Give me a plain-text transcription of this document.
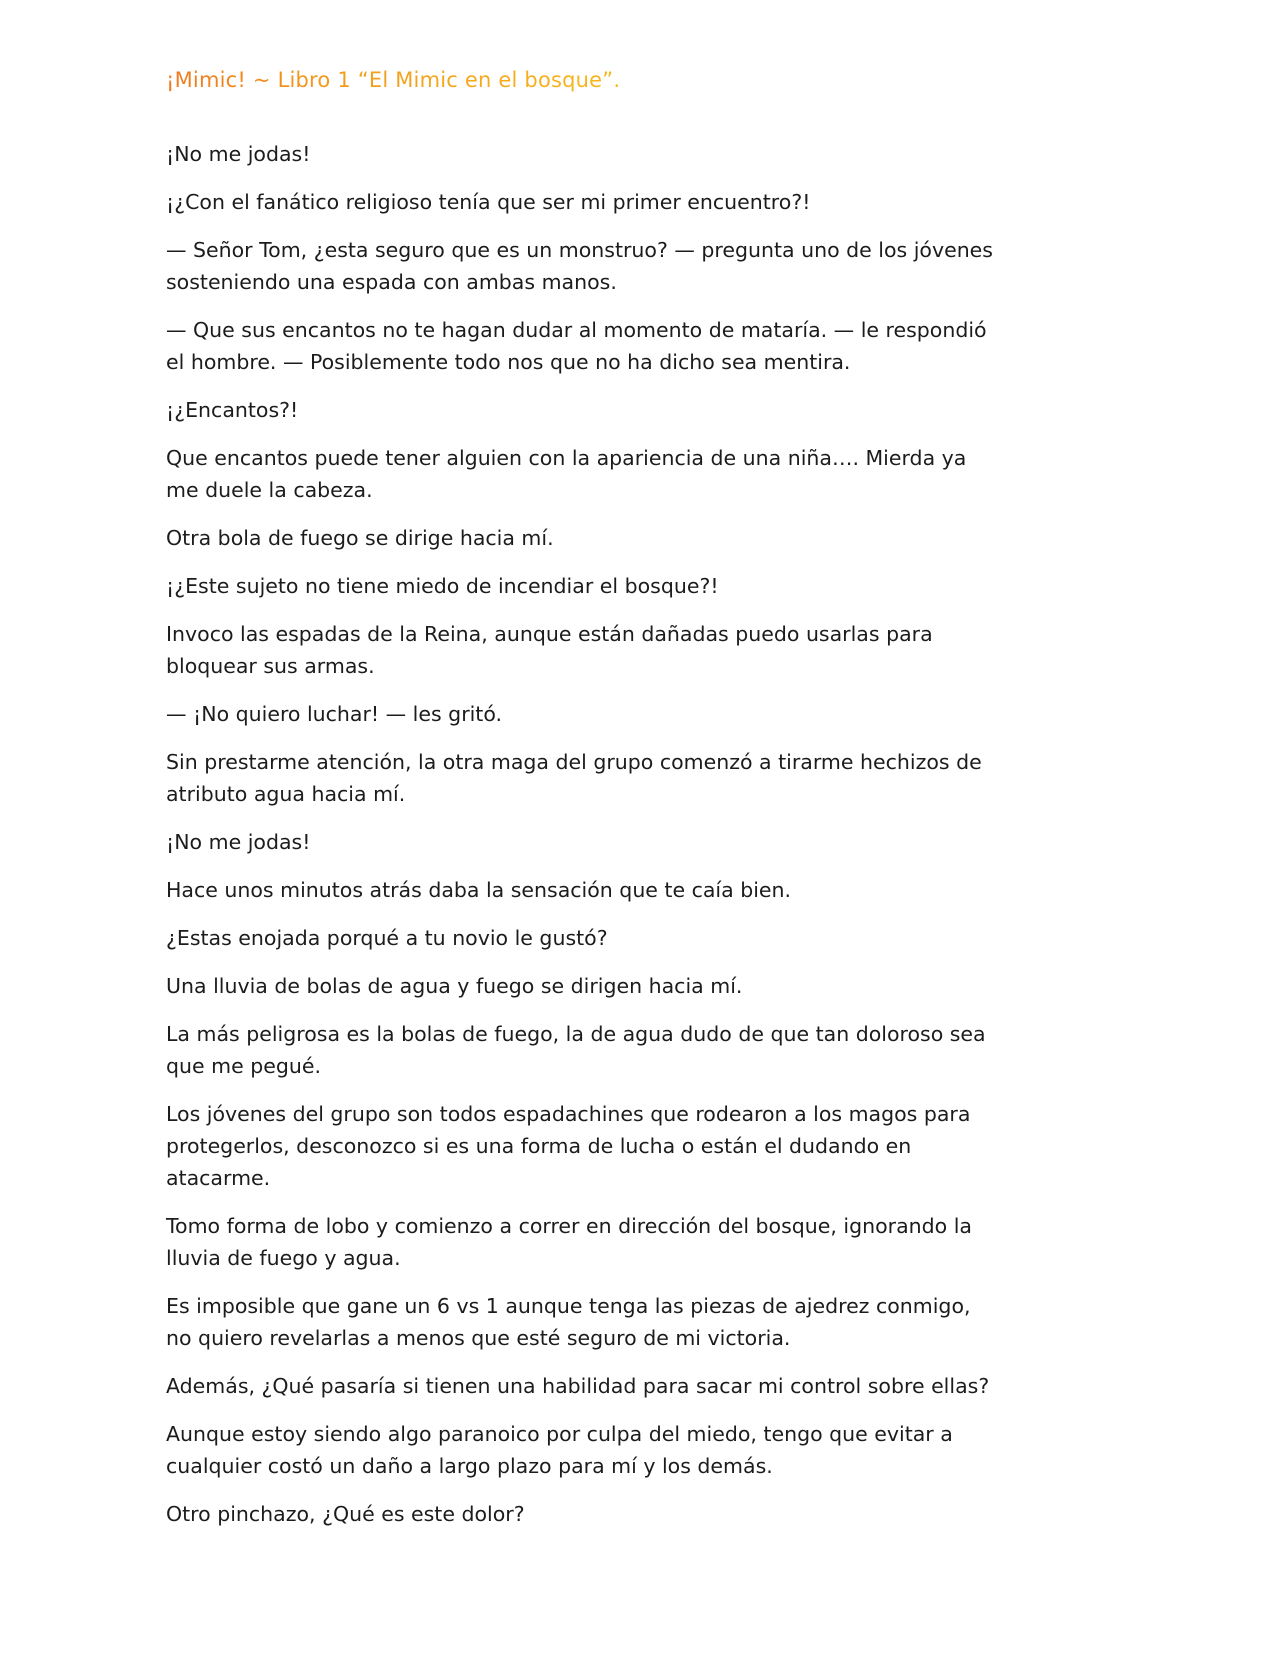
¡Mimic! ~ Libro 1 “El Mimic en el bosque”.

¡No me jodas!

¡¿Con el fanático religioso tenía que ser mi primer encuentro?!

— Señor Tom, ¿esta seguro que es un monstruo? — pregunta uno de los jóvenes sosteniendo una espada con ambas manos.

— Que sus encantos no te hagan dudar al momento de mataría. — le respondió el hombre. — Posiblemente todo nos que no ha dicho sea mentira.

¡¿Encantos?!

Que encantos puede tener alguien con la apariencia de una niña…. Mierda ya me duele la cabeza.

Otra bola de fuego se dirige hacia mí.

¡¿Este sujeto no tiene miedo de incendiar el bosque?!

Invoco las espadas de la Reina, aunque están dañadas puedo usarlas para bloquear sus armas.

— ¡No quiero luchar! — les gritó.

Sin prestarme atención, la otra maga del grupo comenzó a tirarme hechizos de atributo agua hacia mí.

¡No me jodas!

Hace unos minutos atrás daba la sensación que te caía bien.

¿Estas enojada porqué a tu novio le gustó?

Una lluvia de bolas de agua y fuego se dirigen hacia mí.

La más peligrosa es la bolas de fuego, la de agua dudo de que tan doloroso sea que me pegué.

Los jóvenes del grupo son todos espadachines que rodearon a los magos para protegerlos, desconozco si es una forma de lucha o están el dudando en atacarme.

Tomo forma de lobo y comienzo a correr en dirección del bosque, ignorando la lluvia de fuego y agua.

Es imposible que gane un 6 vs 1 aunque tenga las piezas de ajedrez conmigo, no quiero revelarlas a menos que esté seguro de mi victoria.

Además, ¿Qué pasaría si tienen una habilidad para sacar mi control sobre ellas?

Aunque estoy siendo algo paranoico por culpa del miedo, tengo que evitar a cualquier costó un daño a largo plazo para mí y los demás.

Otro pinchazo, ¿Qué es este dolor?
